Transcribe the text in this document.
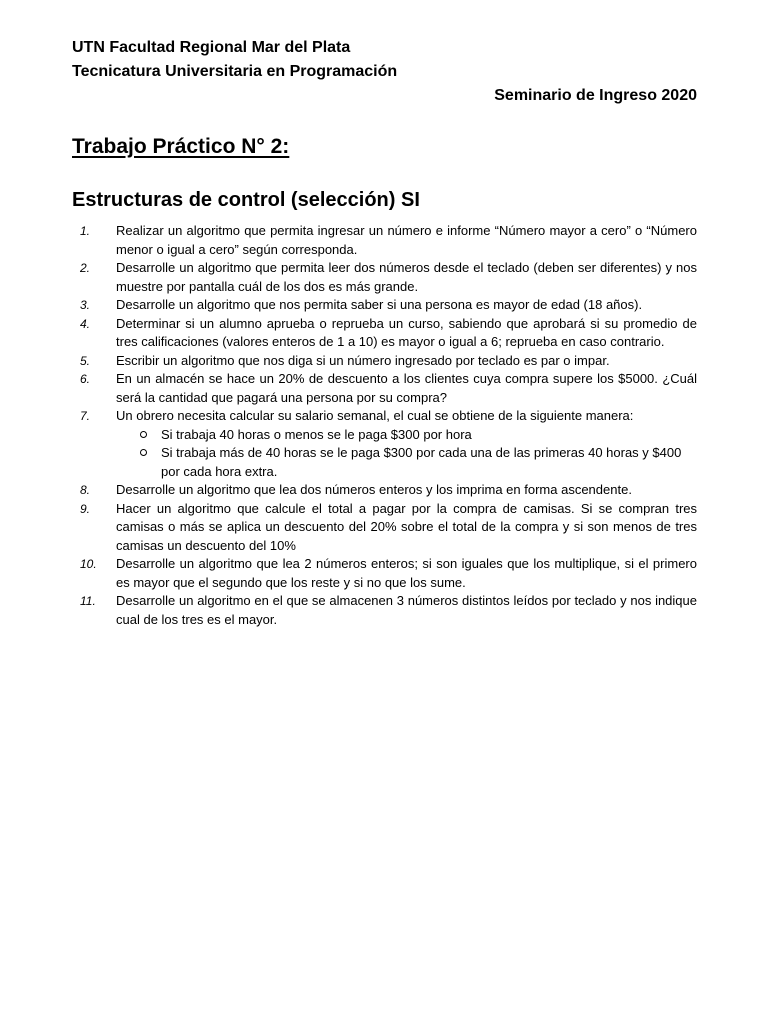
UTN Facultad Regional Mar del Plata

Tecnicatura Universitaria en Programación

Seminario de Ingreso 2020

Trabajo Práctico N° 2:
Estructuras de control (selección) SI
1.	Realizar un algoritmo que permita ingresar un número e informe “Número mayor a cero” o “Número menor o igual a cero” según corresponda.
2.	Desarrolle un algoritmo que permita leer dos números desde el teclado (deben ser diferentes) y nos muestre por pantalla cuál de los dos es más grande.
3.	Desarrolle un algoritmo que nos permita saber si una persona es mayor de edad (18 años).
4.	Determinar si un alumno aprueba o reprueba un curso, sabiendo que aprobará si su promedio de tres calificaciones (valores enteros de 1 a 10) es mayor o igual a 6; reprueba en caso contrario.
5.	Escribir un algoritmo que nos diga si un número ingresado por teclado es par o impar.
6.	En un almacén se hace un 20% de descuento a los clientes cuya compra supere los $5000. ¿Cuál será la cantidad que pagará una persona por su compra?
7.	Un obrero necesita calcular su salario semanal, el cual se obtiene de la siguiente manera:
Si trabaja 40 horas o menos se le paga $300 por hora
Si trabaja más de 40 horas se le paga $300 por cada una de las primeras 40 horas y $400 por cada hora extra.
8.	Desarrolle un algoritmo que lea dos números enteros y los imprima en forma ascendente.
9.	Hacer un algoritmo que calcule el total a pagar por la compra de camisas. Si se compran tres camisas o más se aplica un descuento del 20% sobre el total de la compra y si son menos de tres camisas un descuento del 10%
10.	Desarrolle un algoritmo que lea 2 números enteros; si son iguales que los multiplique, si el primero es mayor que el segundo que los reste y si no que los sume.
11.	Desarrolle un algoritmo en el que se almacenen 3 números distintos leídos por teclado y nos indique cual de los tres es el mayor.
